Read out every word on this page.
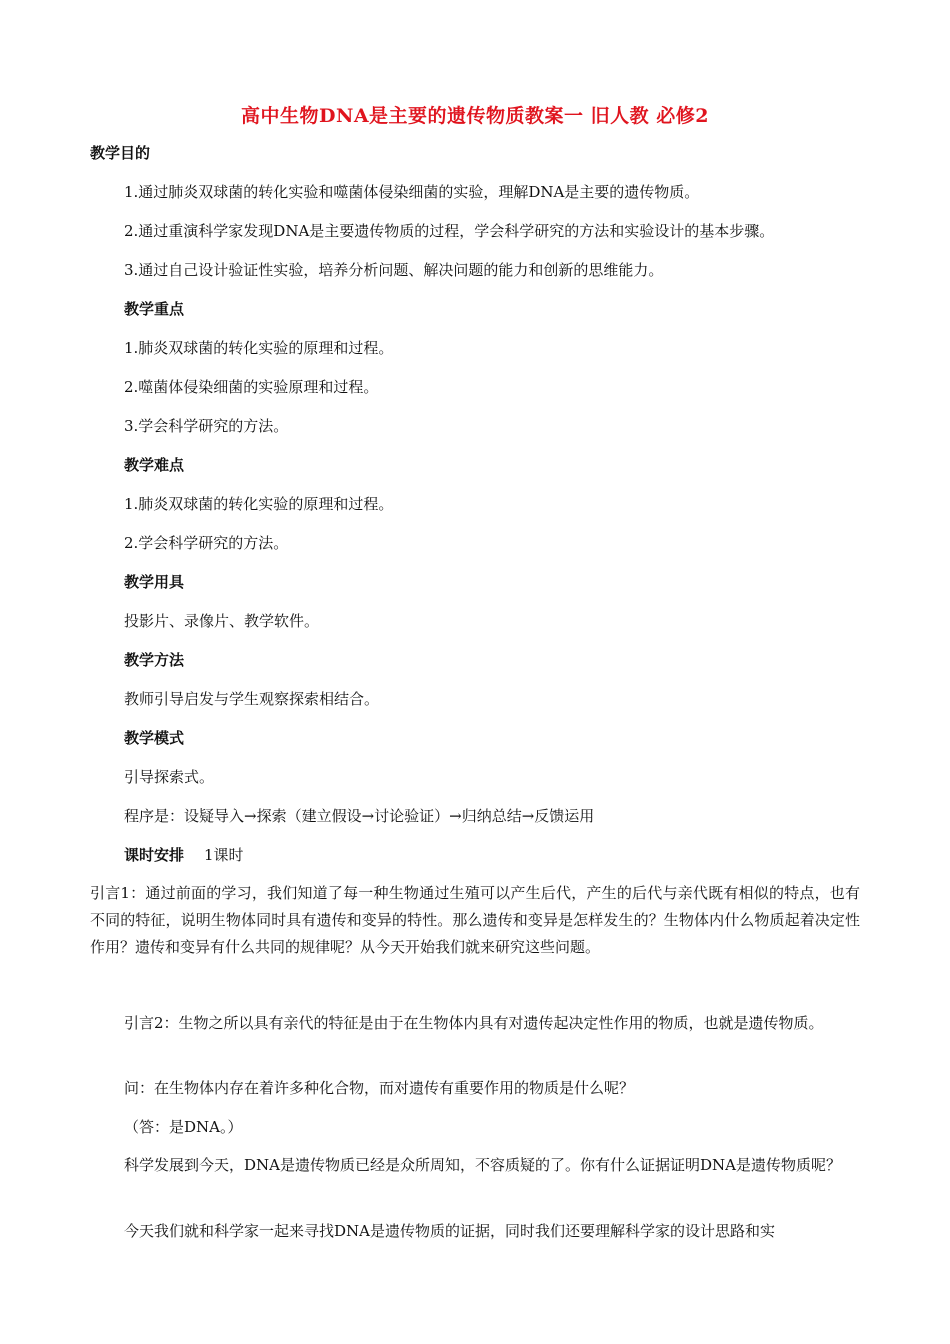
高中生物DNA是主要的遗传物质教案一 旧人教 必修2
教学目的
1.通过肺炎双球菌的转化实验和噬菌体侵染细菌的实验，理解DNA是主要的遗传物质。
2.通过重演科学家发现DNA是主要遗传物质的过程，学会科学研究的方法和实验设计的基本步骤。
3.通过自己设计验证性实验，培养分析问题、解决问题的能力和创新的思维能力。
教学重点
1.肺炎双球菌的转化实验的原理和过程。
2.噬菌体侵染细菌的实验原理和过程。
3.学会科学研究的方法。
教学难点
1.肺炎双球菌的转化实验的原理和过程。
2.学会科学研究的方法。
教学用具
投影片、录像片、教学软件。
教学方法
教师引导启发与学生观察探索相结合。
教学模式
引导探索式。
程序是：设疑导入→探索（建立假设→讨论验证）→归纳总结→反馈运用
课时安排 1课时
引言1：通过前面的学习，我们知道了每一种生物通过生殖可以产生后代，产生的后代与亲代既有相似的特点，也有不同的特征，说明生物体同时具有遗传和变异的特性。那么遗传和变异是怎样发生的？生物体内什么物质起着决定性作用？遗传和变异有什么共同的规律呢？从今天开始我们就来研究这些问题。
引言2：生物之所以具有亲代的特征是由于在生物体内具有对遗传起决定性作用的物质，也就是遗传物质。
问：在生物体内存在着许多种化合物，而对遗传有重要作用的物质是什么呢？
（答：是DNA。）
科学发展到今天，DNA是遗传物质已经是众所周知，不容质疑的了。你有什么证据证明DNA是遗传物质呢？
今天我们就和科学家一起来寻找DNA是遗传物质的证据，同时我们还要理解科学家的设计思路和实
